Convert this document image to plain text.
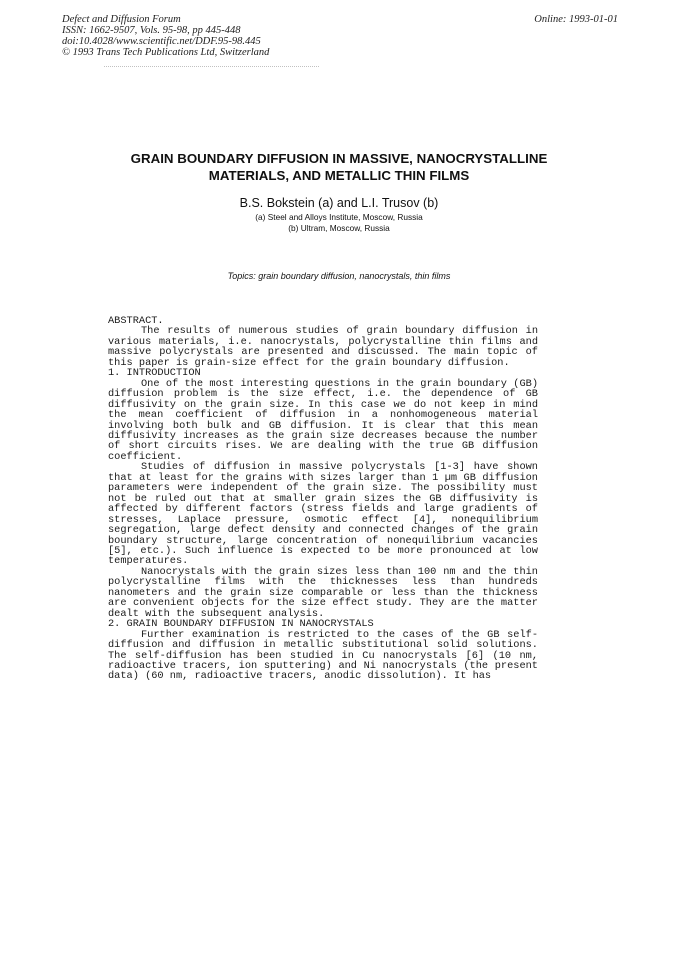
Defect and Diffusion Forum
ISSN: 1662-9507, Vols. 95-98, pp 445-448
doi:10.4028/www.scientific.net/DDF.95-98.445
© 1993 Trans Tech Publications Ltd, Switzerland
Online: 1993-01-01
GRAIN BOUNDARY DIFFUSION IN MASSIVE, NANOCRYSTALLINE
MATERIALS, AND METALLIC THIN FILMS
B.S. Bokstein (a) and L.I. Trusov (b)
(a) Steel and Alloys Institute, Moscow, Russia
(b) Ultram, Moscow, Russia
Topics: grain boundary diffusion, nanocrystals, thin films

ABSTRACT.

The results of numerous studies of grain boundary diffusion in various materials, i.e. nanocrystals, polycrystalline thin films and massive polycrystals are presented and discussed. The main topic of this paper is grain-size effect for the grain boundary diffusion.

1. INTRODUCTION

One of the most interesting questions in the grain boundary (GB) diffusion problem is the size effect, i.e. the dependence of GB diffusivity on the grain size. In this case we do not keep in mind the mean coefficient of diffusion in a nonhomogeneous material involving both bulk and GB diffusion. It is clear that this mean diffusivity increases as the grain size decreases because the number of short circuits rises. We are dealing with the true GB diffusion coefficient.

Studies of diffusion in massive polycrystals [1-3] have shown that at least for the grains with sizes larger than 1 µm GB diffusion parameters were independent of the grain size. The possibility must not be ruled out that at smaller grain sizes the GB diffusivity is affected by different factors (stress fields and large gradients of stresses, Laplace pressure, osmotic effect [4], nonequilibrium segregation, large defect density and connected changes of the grain boundary structure, large concentration of nonequilibrium vacancies [5], etc.). Such influence is expected to be more pronounced at low temperatures.

Nanocrystals with the grain sizes less than 100 nm and the thin polycrystalline films with the thicknesses less than hundreds nanometers and the grain size comparable or less than the thickness are convenient objects for the size effect study. They are the matter dealt with the subsequent analysis.

2. GRAIN BOUNDARY DIFFUSION IN NANOCRYSTALS

Further examination is restricted to the cases of the GB self-diffusion and diffusion in metallic substitutional solid solutions. The self-diffusion has been studied in Cu nanocrystals [6] (10 nm, radioactive tracers, ion sputtering) and Ni nanocrystals (the present data) (60 nm, radioactive tracers, anodic dissolution). It has
